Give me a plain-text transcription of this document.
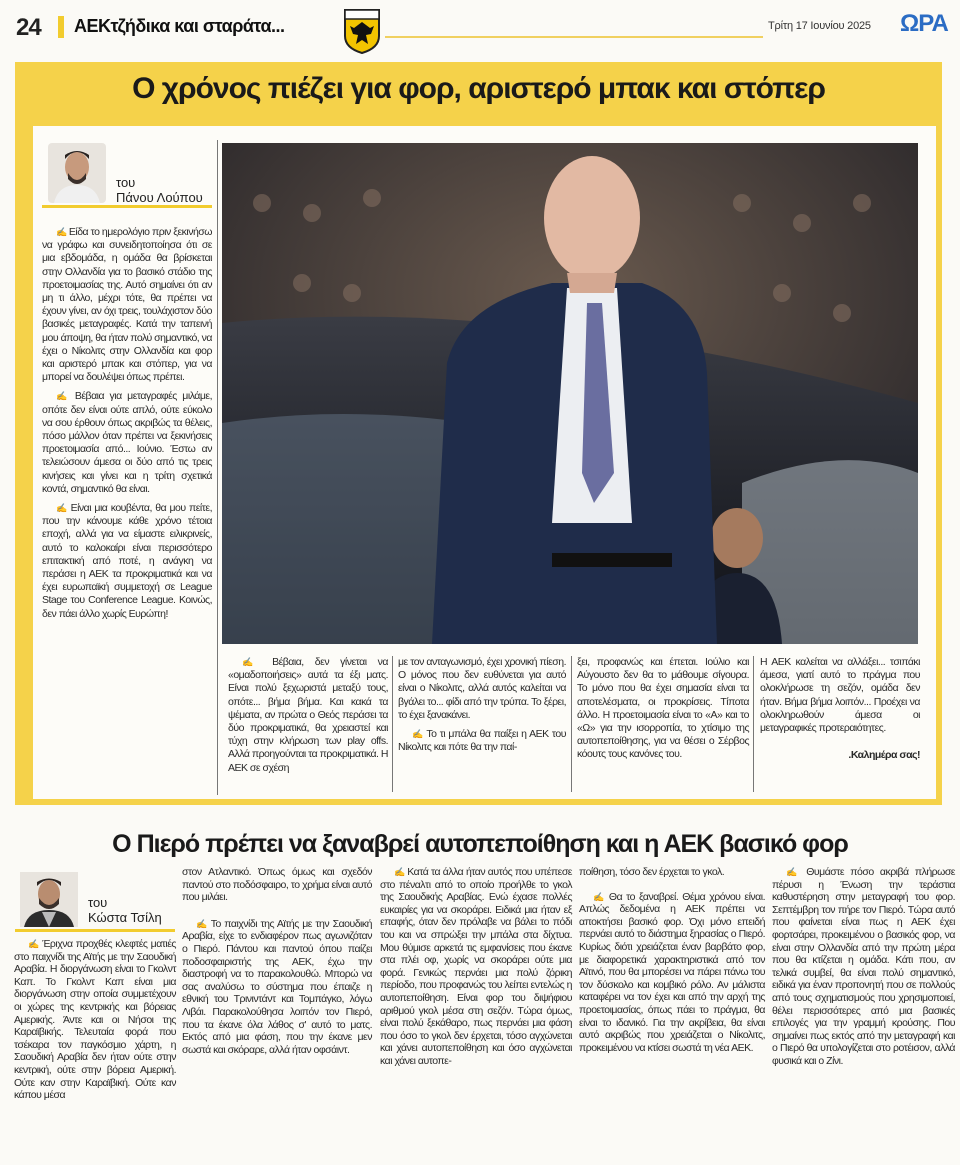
24 ΑΕΚτζήδικα και σταράτα...	Τρίτη 17 Ιουνίου 2025 ΩΡΑ
Ο χρόνος πιέζει για φορ, αριστερό μπακ και στόπερ
του
Πάνου Λούπου

✍ Είδα το ημερολόγιο πριν ξεκινήσω να γράφω και συνειδητοποίησα ότι σε μια εβδομάδα, η ομάδα θα βρίσκεται στην Ολλανδία για το βασικό στάδιο της προετοιμασίας της. Αυτό σημαίνει ότι αν μη τι άλλο, μέχρι τότε, θα πρέπει να έχουν γίνει, αν όχι τρεις, τουλάχιστον δύο βασικές μεταγραφές. Κατά την ταπεινή μου άποψη, θα ήταν πολύ σημαντικό, να έχει ο Νίκολιτς στην Ολλανδία και φορ και αριστερό μπακ και στόπερ, για να μπορεί να δουλέψει όπως πρέπει.

✍ Βέβαια για μεταγραφές μιλάμε, οπότε δεν είναι ούτε απλό, ούτε εύκολο να σου έρθουν όπως ακριβώς τα θέλεις, πόσο μάλλον όταν πρέπει να ξεκινήσεις προετοιμασία από... Ιούνιο. Έστω αν τελειώσουν άμεσα οι δύο από τις τρεις κινήσεις και γίνει και η τρίτη σχετικά κοντά, σημαντικό θα είναι.

✍ Είναι μια κουβέντα, θα μου πείτε, που την κάνουμε κάθε χρόνο τέτοια εποχή, αλλά για να είμαστε ειλικρινείς, αυτό το καλοκαίρι είναι περισσότερο επιτακτική από ποτέ, η ανάγκη να περάσει η ΑΕΚ τα προκριματικά και να έχει ευρωπαϊκή συμμετοχή σε League Stage του Conference League. Κοινώς, δεν πάει άλλο χωρίς Ευρώπη!

✍ Βέβαια, δεν γίνεται να «ομαδοποιήσεις» αυτά τα έξι ματς. Είναι πολύ ξεχωριστά μεταξύ τους, οπότε... βήμα βήμα. Και κακά τα ψέματα, αν πρώτα ο Θεός περάσει τα δύο προκριματικά, θα χρειαστεί και τύχη στην κλήρωση των play offs. Αλλά προηγούνται τα προκριματικά. Η ΑΕΚ σε σχέση

με τον ανταγωνισμό, έχει χρονική πίεση. Ο μόνος που δεν ευθύνεται για αυτό είναι ο Νίκολιτς, αλλά αυτός καλείται να βγάλει το... φίδι από την τρύπα. Το ξέρει, το έχει ξανακάνει.

✍ Το τι μπάλα θα παίξει η ΑΕΚ του Νίκολιτς και πότε θα την παί-

ξει, προφανώς και έπεται. Ιούλιο και Αύγουστο δεν θα το μάθουμε σίγουρα. Το μόνο που θα έχει σημασία είναι τα αποτελέσματα, οι προκρίσεις. Τίποτα άλλο. Η προετοιμασία είναι το «Α» και το «Ω» για την ισορροπία, το χτίσιμο της αυτοπεποίθησης, για να θέσει ο Σέρβος κόουτς τους κανόνες του.

Η ΑΕΚ καλείται να αλλάξει... τσιπάκι άμεσα, γιατί αυτό το πράγμα που ολοκλήρωσε τη σεζόν, ομάδα δεν ήταν. Βήμα βήμα λοιπόν... Προέχει να ολοκληρωθούν άμεσα οι μεταγραφικές προτεραιότητες.

.Καλημέρα σας!
Ο Πιερό πρέπει να ξαναβρεί αυτοπεποίθηση και η ΑΕΚ βασικό φορ
του
Κώστα Τσίλη

✍ Έριχνα προχθές κλεφτές ματιές στο παιχνίδι της Αϊτής με την Σαουδική Αραβία. Η διοργάνωση είναι το Γκολντ Καπ. Το Γκολντ Καπ είναι μια διοργάνωση στην οποία συμμετέχουν οι χώρες της κεντρικής και βόρειας Αμερικής. Άντε και οι Νήσοι της Καραϊβικής. Τελευταία φορά που τσέκαρα τον παγκόσμιο χάρτη, η Σαουδική Αραβία δεν ήταν ούτε στην κεντρική, ούτε στην βόρεια Αμερική. Ούτε καν στην Καραϊβική. Ούτε καν κάπου μέσα

στον Ατλαντικό. Όπως όμως και σχεδόν παντού στο ποδόσφαιρο, το χρήμα είναι αυτό που μιλάει.

✍ Το παιχνίδι της Αϊτής με την Σαουδική Αραβία, είχε το ενδιαφέρον πως αγωνιζόταν ο Πιερό. Πάντου και παντού όπου παίζει ποδοσφαιριστής της ΑΕΚ, έχω την διαστροφή να το παρακολουθώ. Μπορώ να σας αναλύσω το σύστημα που έπαιζε η εθνική του Τρινιντάντ και Τομπάγκο, λόγω Λιβάι. Παρακολούθησα λοιπόν τον Πιερό, που τα έκανε όλα λάθος σ' αυτό το ματς. Εκτός από μια φάση, που την έκανε μεν σωστά και σκόραρε, αλλά ήταν οφσάιντ.

✍ Κατά τα άλλα ήταν αυτός που υπέπεσε στο πέναλτι από το οποίο προήλθε το γκολ της Σαουδικής Αραβίας. Ενώ έχασε πολλές ευκαιρίες για να σκοράρει. Ειδικά μια ήταν εξ επαφής, όταν δεν πρόλαβε να βάλει το πόδι του και να σπρώξει την μπάλα στα δίχτυα. Μου θύμισε αρκετά τις εμφανίσεις που έκανε στα πλέι οφ, χωρίς να σκοράρει ούτε μια φορά. Γενικώς περνάει μια πολύ ζόρικη περίοδο, που προφανώς του λείπει εντελώς η αυτοπεποίθηση. Είναι φορ του διψήφιου αριθμού γκολ μέσα στη σεζόν. Τώρα όμως, είναι πολύ ξεκάθαρο, πως περνάει μια φάση που όσο το γκολ δεν έρχεται, τόσο αγχώνεται και χάνει αυτοπεποίθηση και όσο αγχώνεται και χάνει αυτοπε-

ποίθηση, τόσο δεν έρχεται το γκολ.

✍ Θα το ξαναβρεί. Θέμα χρόνου είναι. Απλώς δεδομένα η ΑΕΚ πρέπει να αποκτήσει βασικό φορ. Όχι μόνο επειδή περνάει αυτό το διάστημα ξηρασίας ο Πιερό. Κυρίως διότι χρειάζεται έναν βαρβάτο φορ, με διαφορετικά χαρακτηριστικά από τον Αϊτινό, που θα μπορέσει να πάρει πάνω του τον δύσκολο και κομβικό ρόλο. Αν μάλιστα καταφέρει να τον έχει και από την αρχή της προετοιμασίας, όπως πάει το πράγμα, θα είναι το ιδανικό. Για την ακρίβεια, θα είναι αυτό ακριβώς που χρειάζεται ο Νίκολιτς, προκειμένου να κτίσει σωστά τη νέα ΑΕΚ.

✍ Θυμάστε πόσο ακριβά πλήρωσε πέρυσι η Ένωση την τεράστια καθυστέρηση στην μεταγραφή του φορ. Σεπτέμβρη τον πήρε τον Πιερό. Τώρα αυτό που φαίνεται είναι πως η ΑΕΚ έχει φορτσάρει, προκειμένου ο βασικός φορ, να είναι στην Ολλανδία από την πρώτη μέρα που θα κτίζεται η ομάδα. Κάτι που, αν τελικά συμβεί, θα είναι πολύ σημαντικό, ειδικά για έναν προπονητή που σε πολλούς από τους σχηματισμούς που χρησιμοποιεί, θέλει περισσότερες από μια βασικές επιλογές για την γραμμή κρούσης. Που σημαίνει πως εκτός από την μεταγραφή και ο Πιερό θα υπολογίζεται στο ροτέισον, αλλά φυσικά και ο Ζίνι.
